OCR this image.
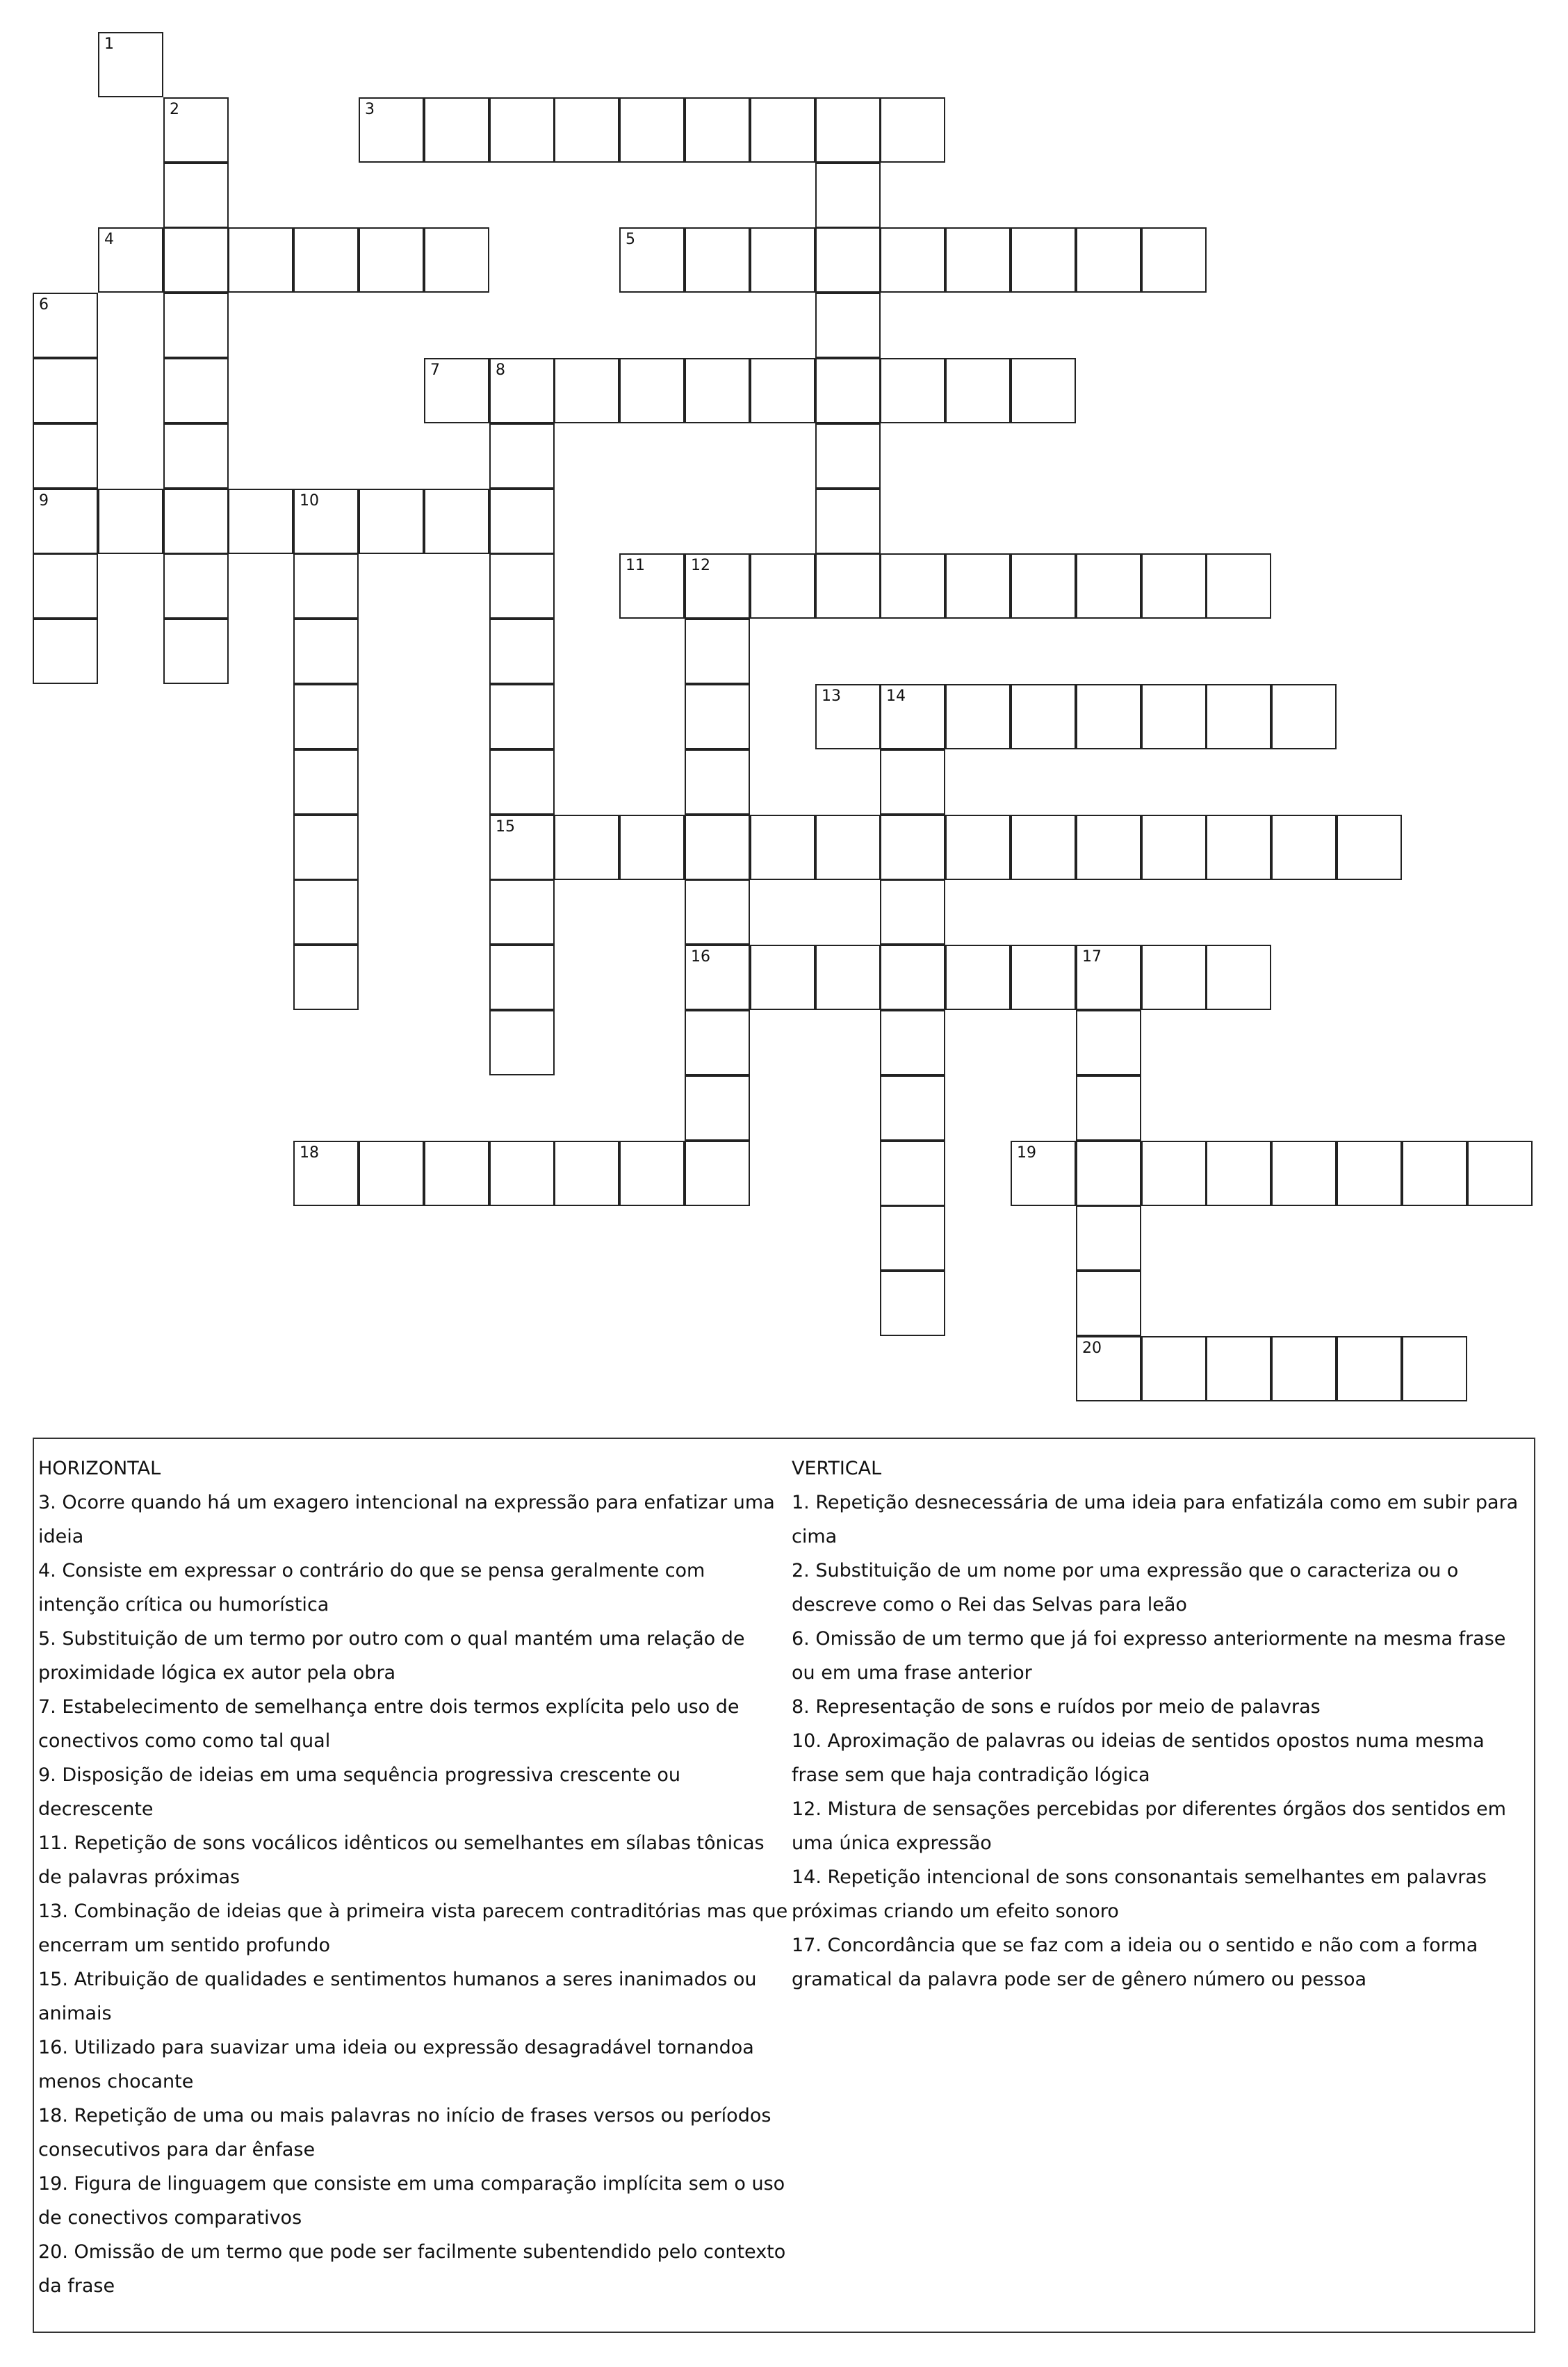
1
2	3
4	5
6
7	8
9	10
11	12
13	14
15
16	17
18	19
20
HORIZONTAL
3. Ocorre quando há um exagero intencional na expressão para enfatizar uma ideia
4. Consiste em expressar o contrário do que se pensa geralmente com intenção crítica ou humorística
5. Substituição de um termo por outro com o qual mantém uma relação de proximidade lógica ex autor pela obra
7. Estabelecimento de semelhança entre dois termos explícita pelo uso de conectivos como como tal qual
9. Disposição de ideias em uma sequência progressiva crescente ou decrescente
11. Repetição de sons vocálicos idênticos ou semelhantes em sílabas tônicas de palavras próximas
13. Combinação de ideias que à primeira vista parecem contraditórias mas que encerram um sentido profundo
15. Atribuição de qualidades e sentimentos humanos a seres inanimados ou animais
16. Utilizado para suavizar uma ideia ou expressão desagradável tornandoa menos chocante
18. Repetição de uma ou mais palavras no início de frases versos ou períodos consecutivos para dar ênfase
19. Figura de linguagem que consiste em uma comparação implícita sem o uso de conectivos comparativos
20. Omissão de um termo que pode ser facilmente subentendido pelo contexto da frase
VERTICAL
1. Repetição desnecessária de uma ideia para enfatizála como em subir para cima
2. Substituição de um nome por uma expressão que o caracteriza ou o descreve como o Rei das Selvas para leão
6. Omissão de um termo que já foi expresso anteriormente na mesma frase ou em uma frase anterior
8. Representação de sons e ruídos por meio de palavras
10. Aproximação de palavras ou ideias de sentidos opostos numa mesma frase sem que haja contradição lógica
12. Mistura de sensações percebidas por diferentes órgãos dos sentidos em uma única expressão
14. Repetição intencional de sons consonantais semelhantes em palavras próximas criando um efeito sonoro
17. Concordância que se faz com a ideia ou o sentido e não com a forma gramatical da palavra pode ser de gênero número ou pessoa
